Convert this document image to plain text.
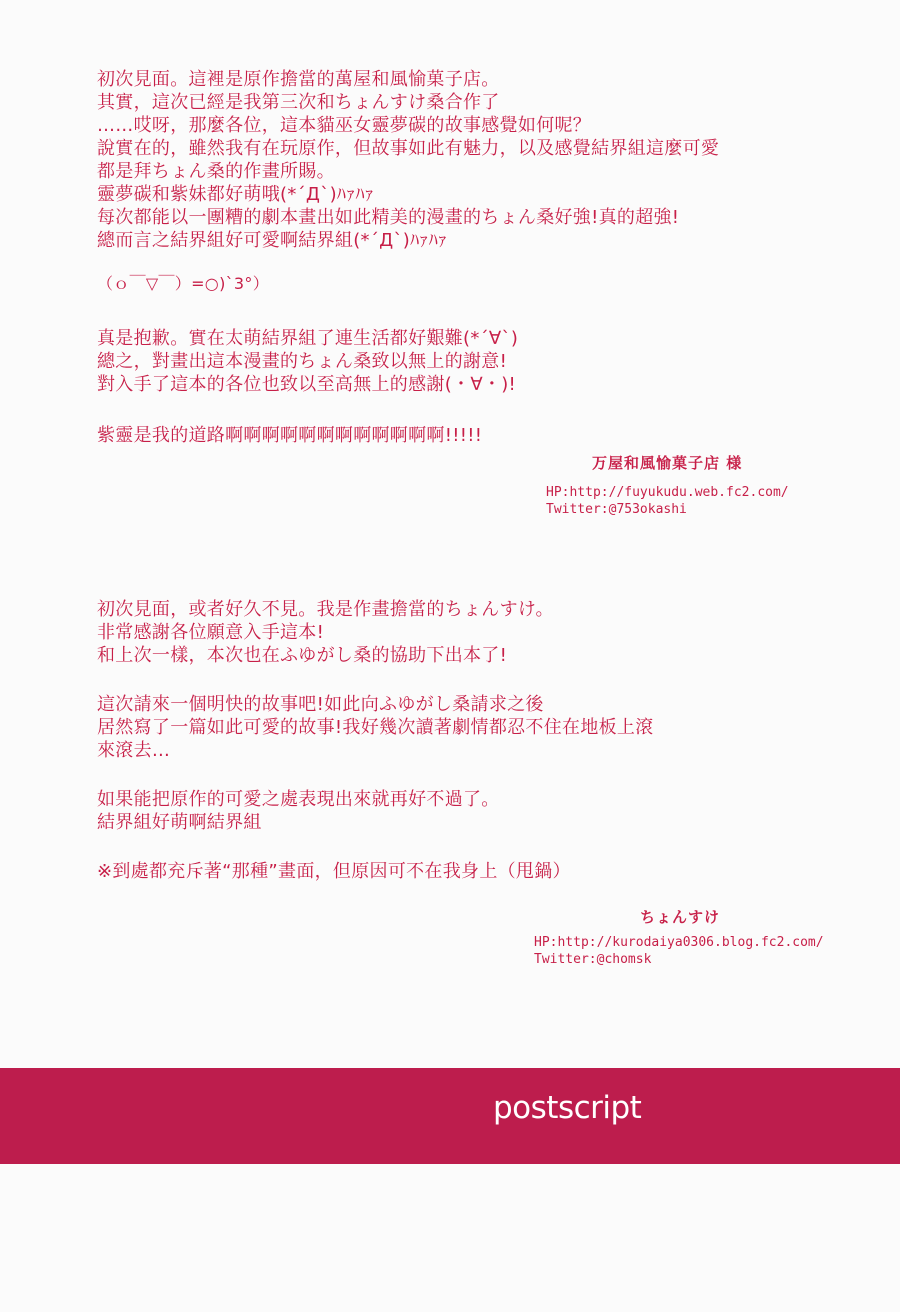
初次見面。這裡是原作擔當的萬屋和風愉菓子店。
其實，這次已經是我第三次和ちょんすけ桑合作了
……哎呀，那麼各位，這本貓巫女靈夢碳的故事感覺如何呢？
說實在的，雖然我有在玩原作，但故事如此有魅力，以及感覺結界組這麼可愛
都是拜ちょん桑的作畫所賜。
靈夢碳和紫妹都好萌哦(*´Д`)ﾊｧﾊｧ
每次都能以一團糟的劇本畫出如此精美的漫畫的ちょん桑好強!真的超強!
總而言之結界組好可愛啊結界組(*´Д`)ﾊｧﾊｧ
（ｏ￣▽￣）=○)`3°）
真是抱歉。實在太萌結界組了連生活都好艱難(*´∀`)
總之，對畫出這本漫畫的ちょん桑致以無上的謝意!
對入手了這本的各位也致以至高無上的感謝(・∀・)!
紫靈是我的道路啊啊啊啊啊啊啊啊啊啊啊啊!!!!!
万屋和風愉菓子店 様
HP:http://fuyukudu.web.fc2.com/
Twitter:@753okashi
初次見面，或者好久不見。我是作畫擔當的ちょんすけ。
非常感謝各位願意入手這本!
和上次一樣，本次也在ふゆがし桑的協助下出本了!
這次請來一個明快的故事吧!如此向ふゆがし桑請求之後
居然寫了一篇如此可愛的故事!我好幾次讀著劇情都忍不住在地板上滾
來滾去…
如果能把原作的可愛之處表現出來就再好不過了。
結界組好萌啊結界組
※到處都充斥著“那種”畫面，但原因可不在我身上（甩鍋）
ちょんすけ
HP:http://kurodaiya0306.blog.fc2.com/
Twitter:@chomsk
postscript
